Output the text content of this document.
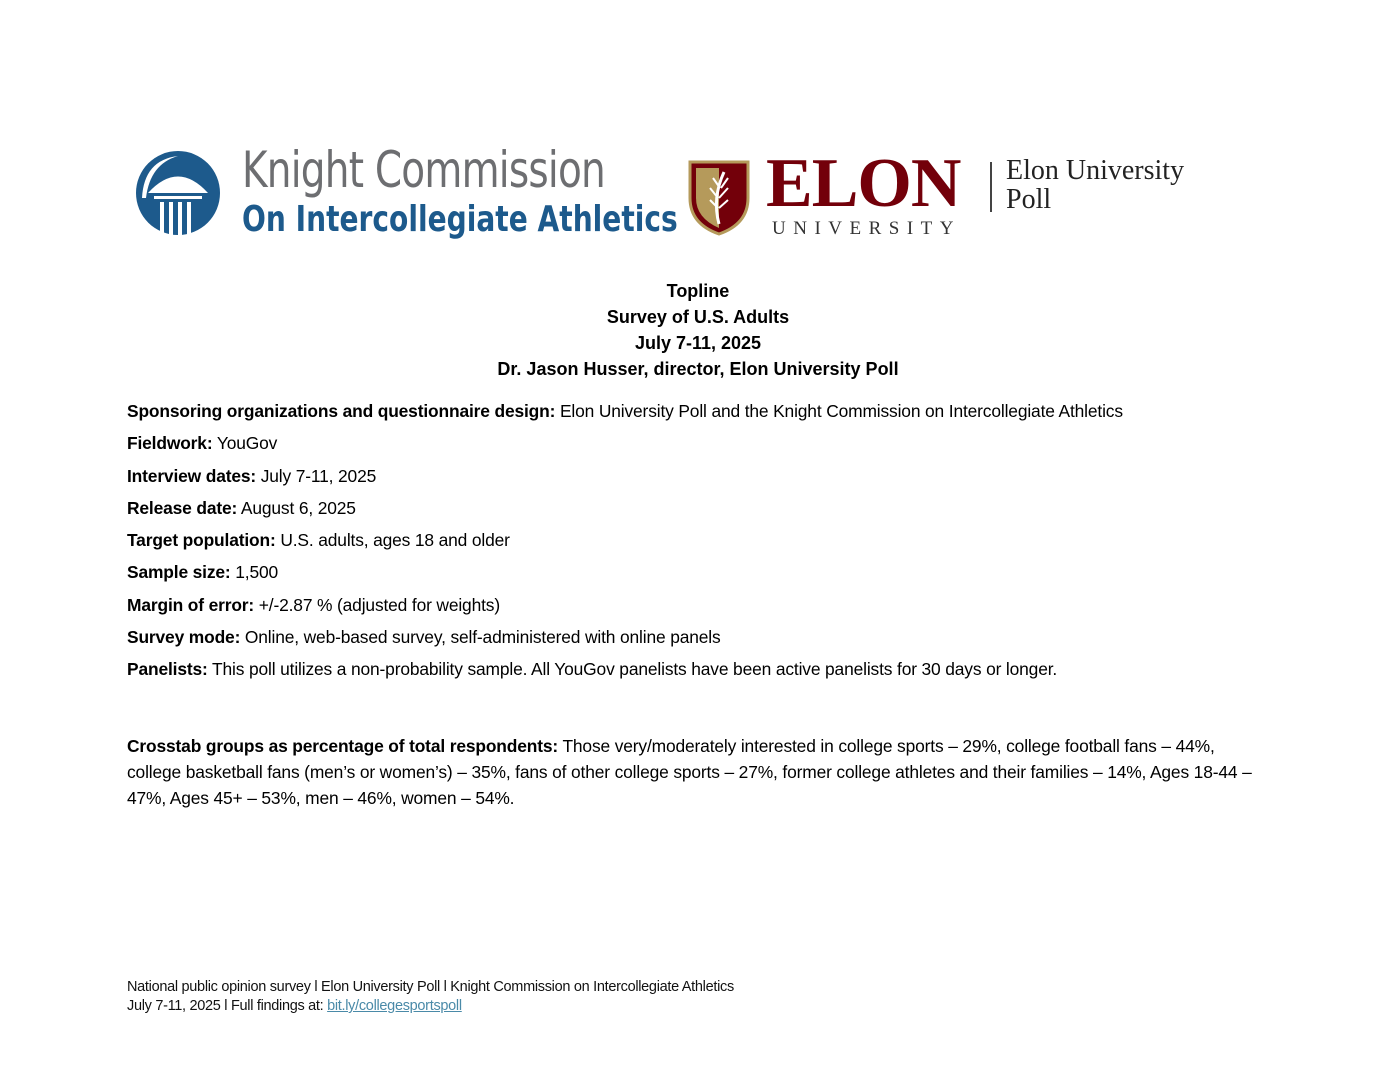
Knight Commission
On Intercollegiate Athletics ELON
UNIVERSITY
Elon University
Poll
Topline
Survey of U.S. Adults
July 7-11, 2025
Dr. Jason Husser, director, Elon University Poll
Sponsoring organizations and questionnaire design: Elon University Poll and the Knight Commission on Intercollegiate Athletics
Fieldwork: YouGov
Interview dates: July 7-11, 2025
Release date: August 6, 2025
Target population: U.S. adults, ages 18 and older
Sample size: 1,500
Margin of error: +/-2.87 % (adjusted for weights)
Survey mode: Online, web-based survey, self-administered with online panels
Panelists: This poll utilizes a non-probability sample. All YouGov panelists have been active panelists for 30 days or longer.
Crosstab groups as percentage of total respondents: Those very/moderately interested in college sports – 29%, college football fans – 44%, college basketball fans (men’s or women’s) – 35%, fans of other college sports – 27%, former college athletes and their families – 14%, Ages 18-44 – 47%, Ages 45+ – 53%, men – 46%, women – 54%.
National public opinion survey l Elon University Poll l Knight Commission on Intercollegiate Athletics
July 7-11, 2025 l Full findings at: bit.ly/collegesportspoll
